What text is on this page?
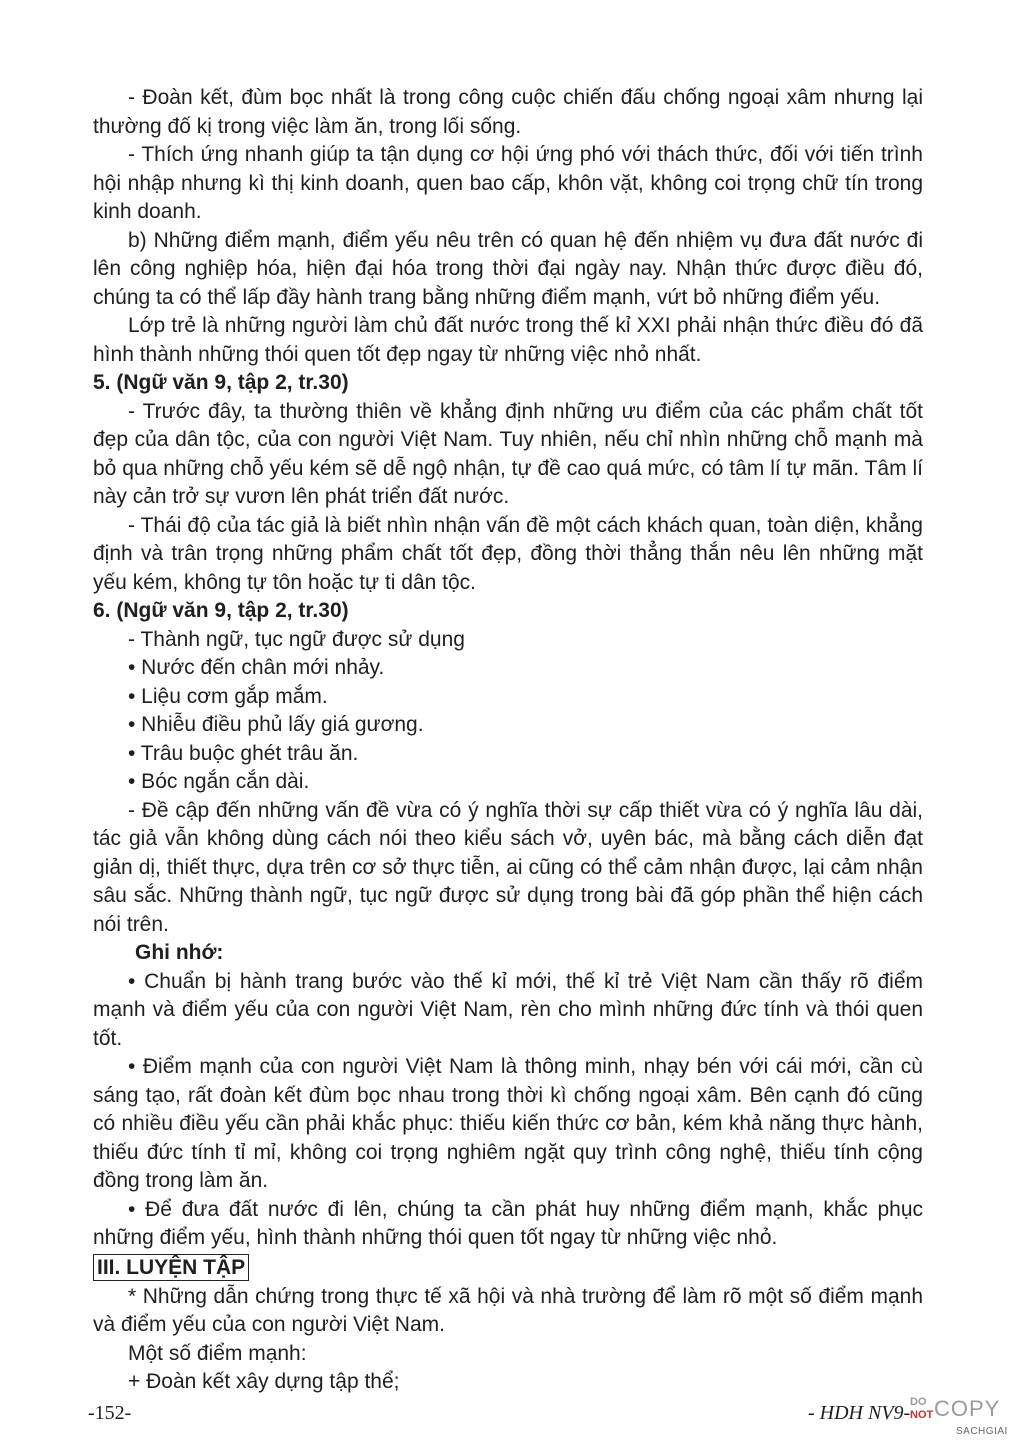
- Đoàn kết, đùm bọc nhất là trong công cuộc chiến đấu chống ngoại xâm nhưng lại thường đố kị trong việc làm ăn, trong lối sống.

- Thích ứng nhanh giúp ta tận dụng cơ hội ứng phó với thách thức, đối với tiến trình hội nhập nhưng kì thị kinh doanh, quen bao cấp, khôn vặt, không coi trọng chữ tín trong kinh doanh.

b) Những điểm mạnh, điểm yếu nêu trên có quan hệ đến nhiệm vụ đưa đất nước đi lên công nghiệp hóa, hiện đại hóa trong thời đại ngày nay. Nhận thức được điều đó, chúng ta có thể lấp đầy hành trang bằng những điểm mạnh, vứt bỏ những điểm yếu.

Lớp trẻ là những người làm chủ đất nước trong thế kỉ XXI phải nhận thức điều đó đã hình thành những thói quen tốt đẹp ngay từ những việc nhỏ nhất.

5. (Ngữ văn 9, tập 2, tr.30)

- Trước đây, ta thường thiên về khẳng định những ưu điểm của các phẩm chất tốt đẹp của dân tộc, của con người Việt Nam. Tuy nhiên, nếu chỉ nhìn những chỗ mạnh mà bỏ qua những chỗ yếu kém sẽ dễ ngộ nhận, tự đề cao quá mức, có tâm lí tự mãn. Tâm lí này cản trở sự vươn lên phát triển đất nước.

- Thái độ của tác giả là biết nhìn nhận vấn đề một cách khách quan, toàn diện, khẳng định và trân trọng những phẩm chất tốt đẹp, đồng thời thẳng thắn nêu lên những mặt yếu kém, không tự tôn hoặc tự ti dân tộc.

6. (Ngữ văn 9, tập 2, tr.30)

- Thành ngữ, tục ngữ được sử dụng

• Nước đến chân mới nhảy.

• Liệu cơm gắp mắm.

• Nhiễu điều phủ lấy giá gương.

• Trâu buộc ghét trâu ăn.

• Bóc ngắn cắn dài.

- Đề cập đến những vấn đề vừa có ý nghĩa thời sự cấp thiết vừa có ý nghĩa lâu dài, tác giả vẫn không dùng cách nói theo kiểu sách vở, uyên bác, mà bằng cách diễn đạt giản dị, thiết thực, dựa trên cơ sở thực tiễn, ai cũng có thể cảm nhận được, lại cảm nhận sâu sắc. Những thành ngữ, tục ngữ được sử dụng trong bài đã góp phần thể hiện cách nói trên.

Ghi nhớ:

• Chuẩn bị hành trang bước vào thế kỉ mới, thế kỉ trẻ Việt Nam cần thấy rõ điểm mạnh và điểm yếu của con người Việt Nam, rèn cho mình những đức tính và thói quen tốt.

• Điểm mạnh của con người Việt Nam là thông minh, nhạy bén với cái mới, cần cù sáng tạo, rất đoàn kết đùm bọc nhau trong thời kì chống ngoại xâm. Bên cạnh đó cũng có nhiều điều yếu cần phải khắc phục: thiếu kiến thức cơ bản, kém khả năng thực hành, thiếu đức tính tỉ mỉ, không coi trọng nghiêm ngặt quy trình công nghệ, thiếu tính cộng đồng trong làm ăn.

• Để đưa đất nước đi lên, chúng ta cần phát huy những điểm mạnh, khắc phục những điểm yếu, hình thành những thói quen tốt ngay từ những việc nhỏ.

III. LUYỆN TẬP

* Những dẫn chứng trong thực tế xã hội và nhà trường để làm rõ một số điểm mạnh và điểm yếu của con người Việt Nam.

Một số điểm mạnh:

+ Đoàn kết xây dựng tập thể;

-152-	- HDH NV9- DO
NOT COPY
SACHGIAI
